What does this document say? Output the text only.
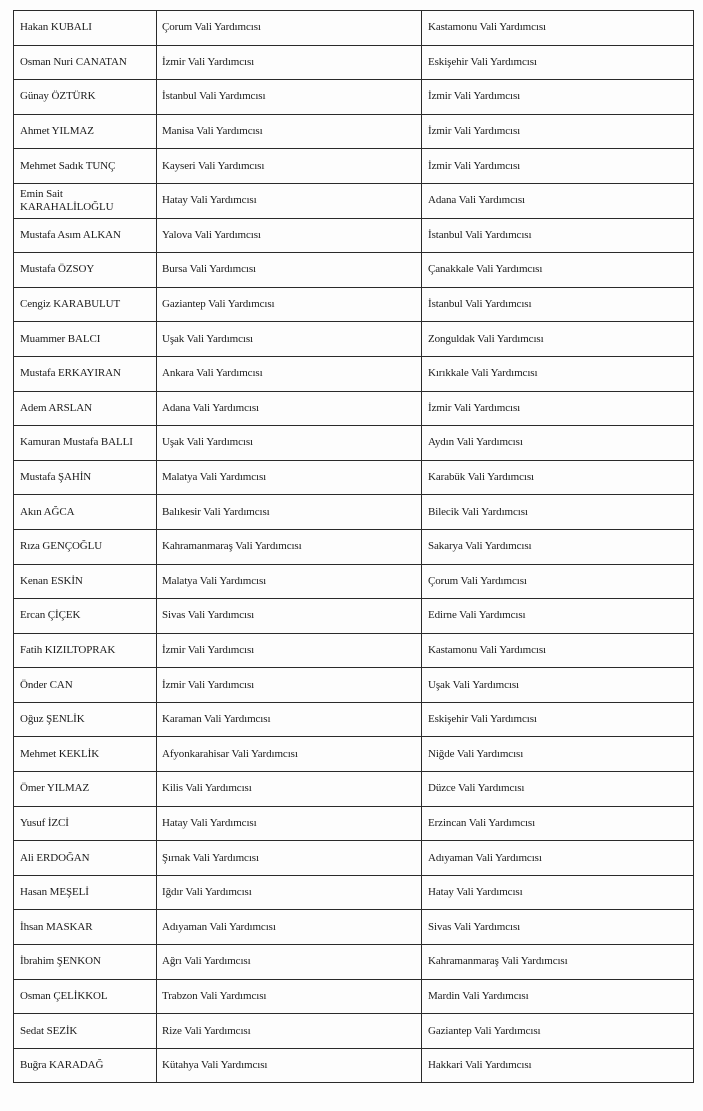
Hakan KUBALI	Çorum Vali Yardımcısı	Kastamonu Vali Yardımcısı
Osman Nuri CANATAN	İzmir Vali Yardımcısı	Eskişehir Vali Yardımcısı
Günay ÖZTÜRK	İstanbul Vali Yardımcısı	İzmir Vali Yardımcısı
Ahmet YILMAZ	Manisa Vali Yardımcısı	İzmir Vali Yardımcısı
Mehmet Sadık TUNÇ	Kayseri Vali Yardımcısı	İzmir Vali Yardımcısı
Emin Sait KARAHALİLOĞLU	Hatay Vali Yardımcısı	Adana Vali Yardımcısı
Mustafa Asım ALKAN	Yalova Vali Yardımcısı	İstanbul Vali Yardımcısı
Mustafa ÖZSOY	Bursa Vali Yardımcısı	Çanakkale Vali Yardımcısı
Cengiz KARABULUT	Gaziantep Vali Yardımcısı	İstanbul Vali Yardımcısı
Muammer BALCI	Uşak Vali Yardımcısı	Zonguldak Vali Yardımcısı
Mustafa ERKAYIRAN	Ankara Vali Yardımcısı	Kırıkkale Vali Yardımcısı
Adem ARSLAN	Adana Vali Yardımcısı	İzmir Vali Yardımcısı
Kamuran Mustafa BALLI	Uşak Vali Yardımcısı	Aydın Vali Yardımcısı
Mustafa ŞAHİN	Malatya Vali Yardımcısı	Karabük Vali Yardımcısı
Akın AĞCA	Balıkesir Vali Yardımcısı	Bilecik Vali Yardımcısı
Rıza GENÇOĞLU	Kahramanmaraş Vali Yardımcısı	Sakarya Vali Yardımcısı
Kenan ESKİN	Malatya Vali Yardımcısı	Çorum Vali Yardımcısı
Ercan ÇİÇEK	Sivas Vali Yardımcısı	Edirne Vali Yardımcısı
Fatih KIZILTOPRAK	İzmir Vali Yardımcısı	Kastamonu Vali Yardımcısı
Önder CAN	İzmir Vali Yardımcısı	Uşak Vali Yardımcısı
Oğuz ŞENLİK	Karaman Vali Yardımcısı	Eskişehir Vali Yardımcısı
Mehmet KEKLİK	Afyonkarahisar Vali Yardımcısı	Niğde Vali Yardımcısı
Ömer YILMAZ	Kilis Vali Yardımcısı	Düzce Vali Yardımcısı
Yusuf İZCİ	Hatay Vali Yardımcısı	Erzincan Vali Yardımcısı
Ali ERDOĞAN	Şırnak Vali Yardımcısı	Adıyaman Vali Yardımcısı
Hasan MEŞELİ	Iğdır Vali Yardımcısı	Hatay Vali Yardımcısı
İhsan MASKAR	Adıyaman Vali Yardımcısı	Sivas Vali Yardımcısı
İbrahim ŞENKON	Ağrı Vali Yardımcısı	Kahramanmaraş Vali Yardımcısı
Osman ÇELİKKOL	Trabzon Vali Yardımcısı	Mardin Vali Yardımcısı
Sedat SEZİK	Rize Vali Yardımcısı	Gaziantep Vali Yardımcısı
Buğra KARADAĞ	Kütahya Vali Yardımcısı	Hakkari Vali Yardımcısı
